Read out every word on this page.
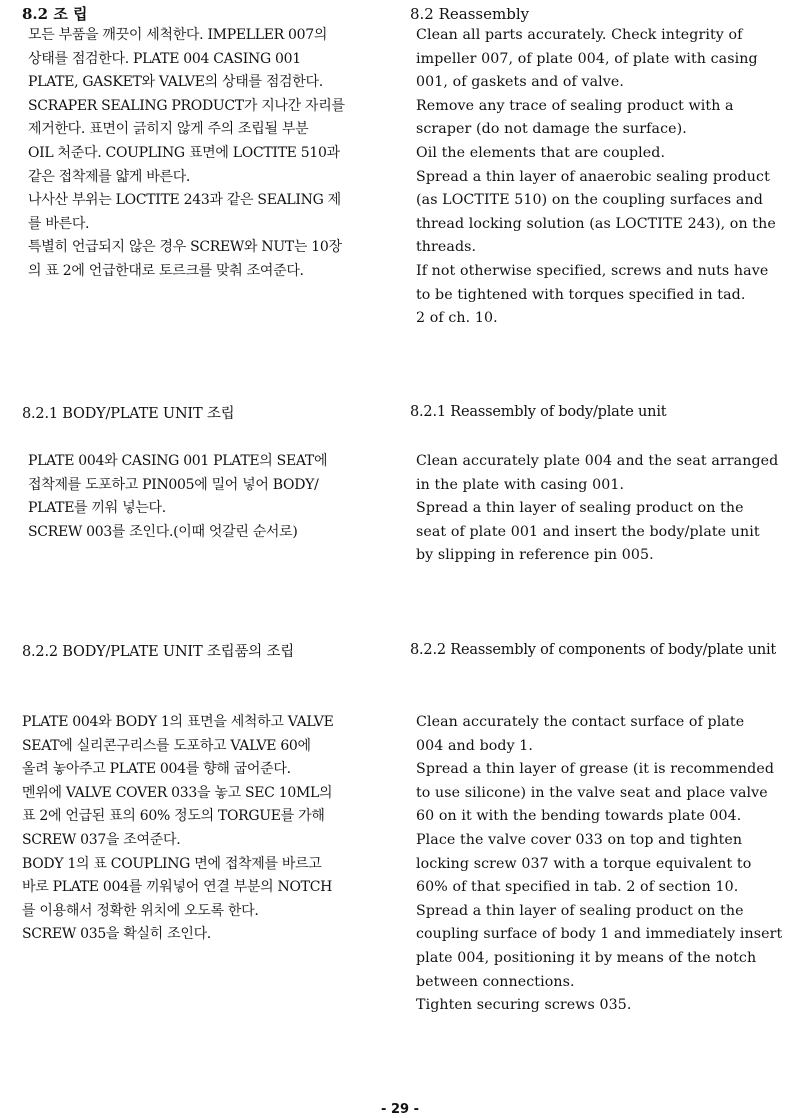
8.2 조 립	8.2 Reassembly
모든 부품을 깨끗이 세척한다. IMPELLER 007의
상태를 점검한다. PLATE 004 CASING 001
PLATE, GASKET와 VALVE의 상태를 점검한다.
SCRAPER SEALING PRODUCT가 지나간 자리를
제거한다. 표면이 긁히지 않게 주의 조립될 부분
OIL 처준다. COUPLING 표면에 LOCTITE 510과
같은 접착제를 얇게 바른다.
나사산 부위는 LOCTITE 243과 같은 SEALING 제
를 바른다.
특별히 언급되지 않은 경우 SCREW와 NUT는 10장
의 표 2에 언급한대로 토르크를 맞춰 조여준다.
Clean all parts accurately. Check integrity of
impeller 007, of plate 004, of plate with casing
001, of gaskets and of valve.
Remove any trace of sealing product with a
scraper (do not damage the surface).
Oil the elements that are coupled.
Spread a thin layer of anaerobic sealing product
(as LOCTITE 510) on the coupling surfaces and
thread locking solution (as LOCTITE 243), on the
threads.
If not otherwise specified, screws and nuts have
to be tightened with torques specified in tad.
2 of ch. 10.
8.2.1 BODY/PLATE UNIT 조립	8.2.1 Reassembly of body/plate unit
PLATE 004와 CASING 001 PLATE의 SEAT에
접착제를 도포하고 PIN005에 밀어 넣어 BODY/
PLATE를 끼워 넣는다.
SCREW 003를 조인다.(이때 엇갈린 순서로)
Clean accurately plate 004 and the seat arranged
in the plate with casing 001.
Spread a thin layer of sealing product on the
seat of plate 001 and insert the body/plate unit
by slipping in reference pin 005.
8.2.2 BODY/PLATE UNIT 조립품의 조립	8.2.2 Reassembly of components of body/plate unit
PLATE 004와 BODY 1의 표면을 세척하고 VALVE
SEAT에 실리콘구리스를 도포하고 VALVE 60에
올려 놓아주고 PLATE 004를 향해 굽어준다.
멘위에 VALVE COVER 033을 놓고 SEC 10ML의
표 2에 언급된 표의 60% 정도의 TORGUE를 가해
SCREW 037을 조여준다.
BODY 1의 표 COUPLING 면에 접착제를 바르고
바로 PLATE 004를 끼워넣어 연결 부분의 NOTCH
를 이용해서 정확한 위치에 오도록 한다.
SCREW 035을 확실히 조인다.
Clean accurately the contact surface of plate
004 and body 1.
Spread a thin layer of grease (it is recommended
to use silicone) in the valve seat and place valve
60 on it with the bending towards plate 004.
Place the valve cover 033 on top and tighten
locking screw 037 with a torque equivalent to
60% of that specified in tab. 2 of section 10.
Spread a thin layer of sealing product on the
coupling surface of body 1 and immediately insert
plate 004, positioning it by means of the notch
between connections.
Tighten securing screws 035.
- 29 -
